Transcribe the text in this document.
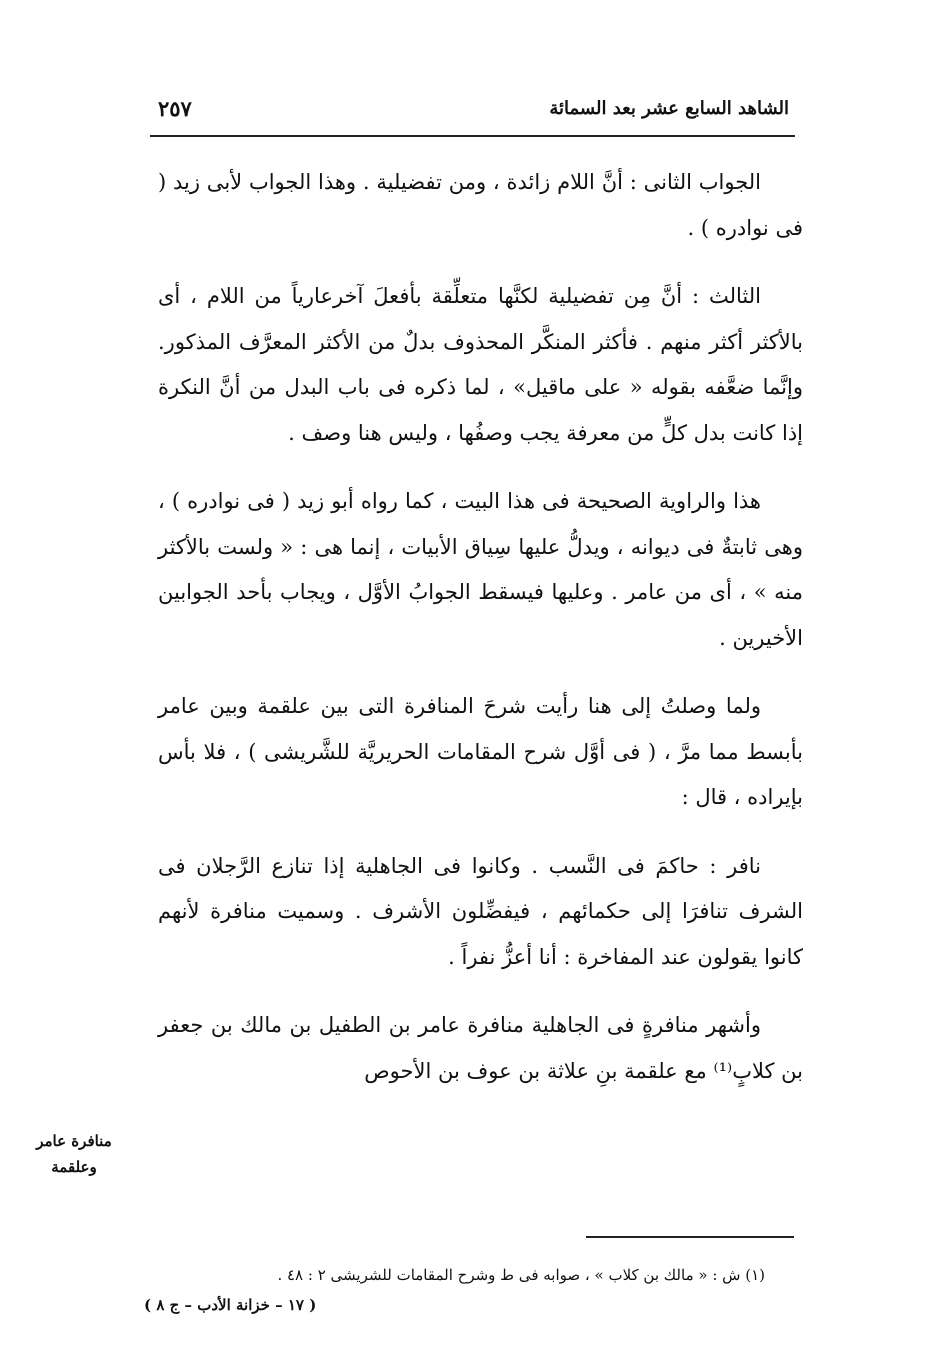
الشاهد السابع عشر بعد السمائة
٢٥٧

الجواب الثانى : أنَّ اللام زائدة ، ومن تفضيلية . وهذا الجواب لأبى زيد ( فى نوادره ) .

الثالث : أنَّ مِن تفضيلية لكنَّها متعلِّقة بأفعلَ آخرعارياً من اللام ، أى بالأكثر أكثر منهم . فأكثر المنكَّر المحذوف بدلٌ من الأكثر المعرَّف المذكور. وإنَّما ضعَّفه بقوله « على ماقيل» ، لما ذكره فى باب البدل من أنَّ النكرة إذا كانت بدل كلٍّ من معرفة يجب وصفُها ، وليس هنا وصف .

هذا والراوية الصحيحة فى هذا البيت ، كما رواه أبو زيد ( فى نوادره ) ، وهى ثابتةٌ فى ديوانه ، ويدلُّ عليها سِياق الأبيات ، إنما هى : « ولست بالأكثر منه » ، أى من عامر . وعليها فيسقط الجوابُ الأوَّل ، ويجاب بأحد الجوابين الأخيرين .

ولما وصلتُ إلى هنا رأيت شرحَ المنافرة التى بين علقمة وبين عامر بأبسط مما مرَّ ، ( فى أوَّل شرح المقامات الحريريَّة للشَّريشى ) ، فلا بأس بإيراده ، قال :

نافر : حاكمَ فى النَّسب . وكانوا فى الجاهلية إذا تنازع الرَّجلان فى الشرف تنافرَا إلى حكمائهم ، فيفضِّلون الأشرف . وسميت منافرة لأنهم كانوا يقولون عند المفاخرة : أنا أعزُّ نفراً .

وأشهر منافرةٍ فى الجاهلية منافرة عامر بن الطفيل بن مالك بن جعفر بن كلابٍ⁽¹⁾ مع علقمة بنِ علاثة بن عوف بن الأحوص

منافرة عامر
وعلقمة
(١) ش : « مالك بن كلاب » ، صوابه فى ط وشرح المقامات للشريشى ٢ : ٤٨ .
( ١٧ – خزانة الأدب – ج ٨ )
